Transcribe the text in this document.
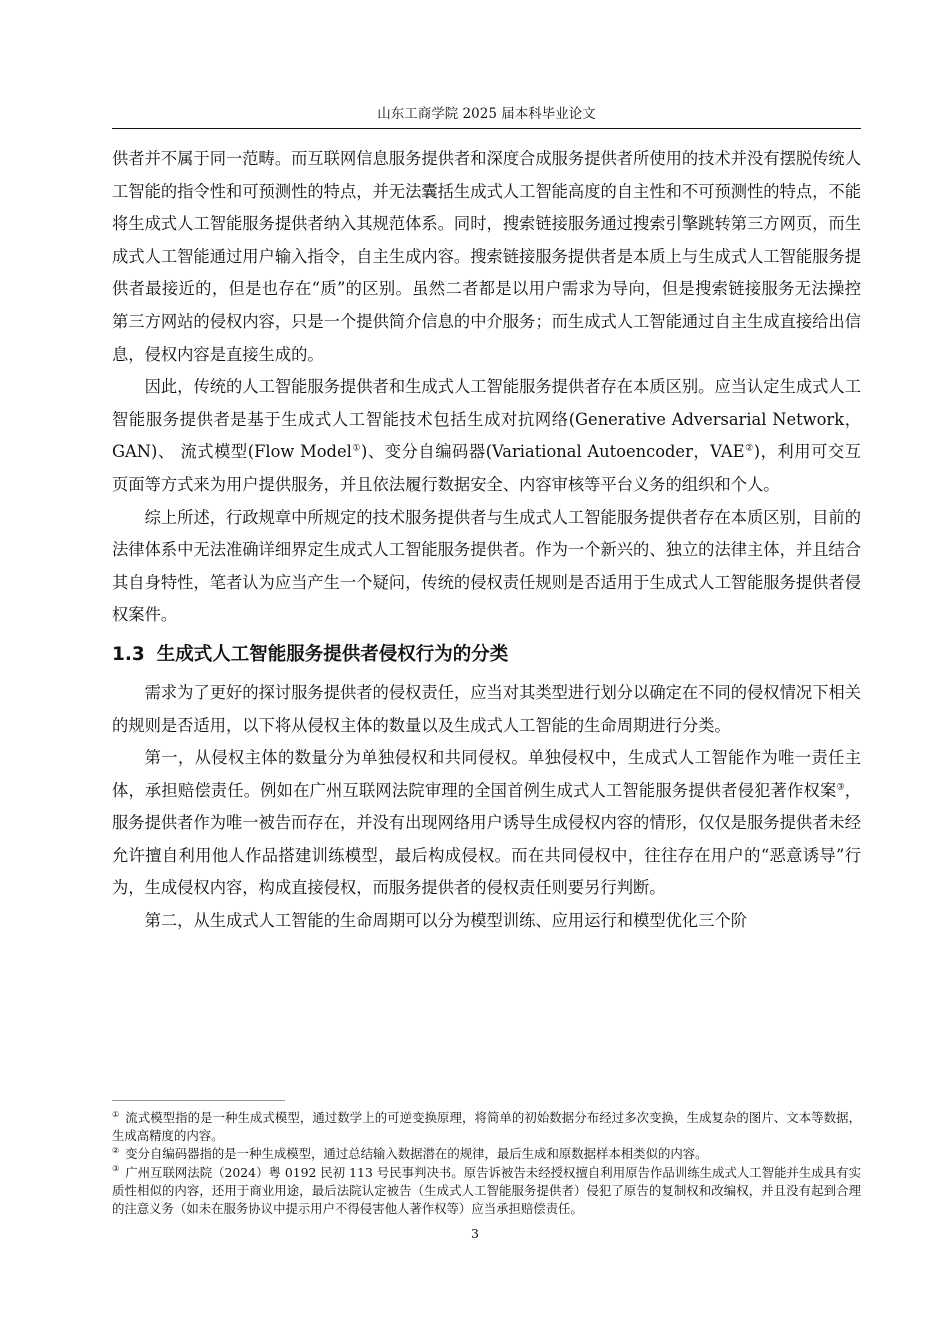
山东工商学院 2025 届本科毕业论文

供者并不属于同一范畴。而互联网信息服务提供者和深度合成服务提供者所使用的技术并没有摆脱传统人工智能的指令性和可预测性的特点，并无法囊括生成式人工智能高度的自主性和不可预测性的特点，不能将生成式人工智能服务提供者纳入其规范体系。同时，搜索链接服务通过搜索引擎跳转第三方网页，而生成式人工智能通过用户输入指令，自主生成内容。搜索链接服务提供者是本质上与生成式人工智能服务提供者最接近的，但是也存在“质”的区别。虽然二者都是以用户需求为导向，但是搜索链接服务无法操控第三方网站的侵权内容，只是一个提供简介信息的中介服务；而生成式人工智能通过自主生成直接给出信息，侵权内容是直接生成的。

因此，传统的人工智能服务提供者和生成式人工智能服务提供者存在本质区别。应当认定生成式人工智能服务提供者是基于生成式人工智能技术包括生成对抗网络(Generative Adversarial Network，GAN)、 流式模型(Flow Model①)、变分自编码器(Variational Autoencoder，VAE②)，利用可交互页面等方式来为用户提供服务，并且依法履行数据安全、内容审核等平台义务的组织和个人。

综上所述，行政规章中所规定的技术服务提供者与生成式人工智能服务提供者存在本质区别，目前的法律体系中无法准确详细界定生成式人工智能服务提供者。作为一个新兴的、独立的法律主体，并且结合其自身特性，笔者认为应当产生一个疑问，传统的侵权责任规则是否适用于生成式人工智能服务提供者侵权案件。

1.3 生成式人工智能服务提供者侵权行为的分类

需求为了更好的探讨服务提供者的侵权责任，应当对其类型进行划分以确定在不同的侵权情况下相关的规则是否适用，以下将从侵权主体的数量以及生成式人工智能的生命周期进行分类。

第一，从侵权主体的数量分为单独侵权和共同侵权。单独侵权中，生成式人工智能作为唯一责任主体，承担赔偿责任。例如在广州互联网法院审理的全国首例生成式人工智能服务提供者侵犯著作权案③，服务提供者作为唯一被告而存在，并没有出现网络用户诱导生成侵权内容的情形，仅仅是服务提供者未经允许擅自利用他人作品搭建训练模型，最后构成侵权。而在共同侵权中，往往存在用户的“恶意诱导”行为，生成侵权内容，构成直接侵权，而服务提供者的侵权责任则要另行判断。

第二，从生成式人工智能的生命周期可以分为模型训练、应用运行和模型优化三个阶

① 流式模型指的是一种生成式模型，通过数学上的可逆变换原理，将简单的初始数据分布经过多次变换，生成复杂的图片、文本等数据，生成高精度的内容。

② 变分自编码器指的是一种生成模型，通过总结输入数据潜在的规律，最后生成和原数据样本相类似的内容。

③ 广州互联网法院（2024）粤 0192 民初 113 号民事判决书。原告诉被告未经授权擅自利用原告作品训练生成式人工智能并生成具有实质性相似的内容，还用于商业用途，最后法院认定被告（生成式人工智能服务提供者）侵犯了原告的复制权和改编权，并且没有起到合理的注意义务（如未在服务协议中提示用户不得侵害他人著作权等）应当承担赔偿责任。

3
